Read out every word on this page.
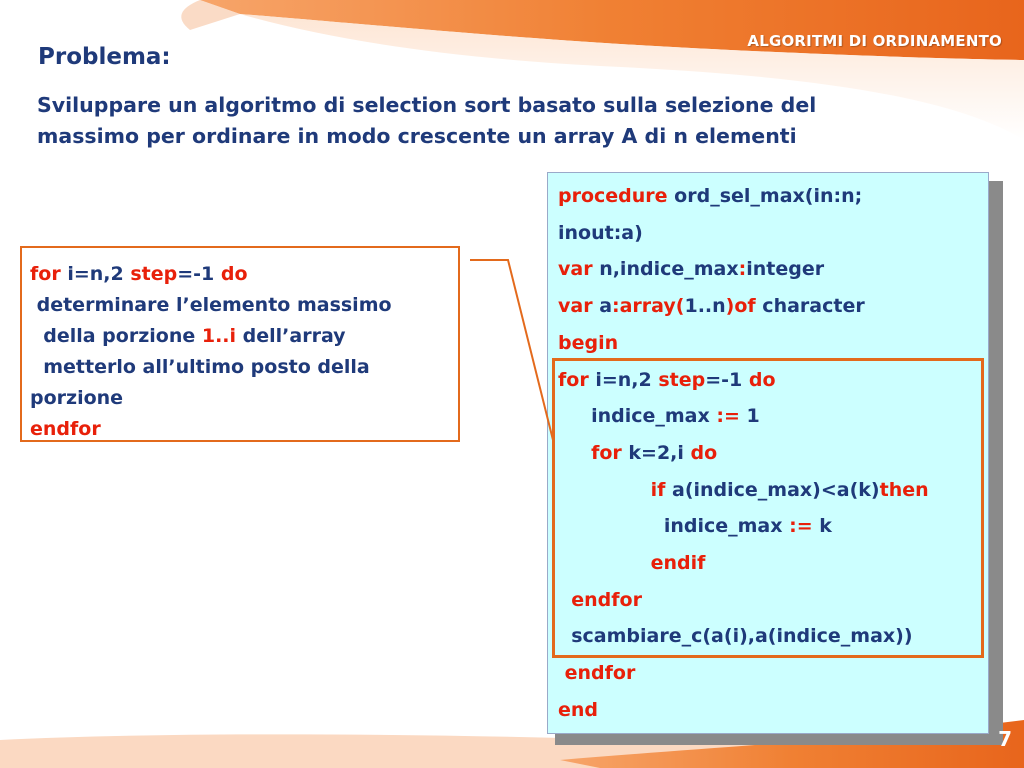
ALGORITMI DI ORDINAMENTO
Problema:
Sviluppare un algoritmo di selection sort basato sulla selezione del
massimo per ordinare in modo crescente un array A di n elementi
for i=n,2 step=-1 do
determinare l’elemento massimo
della porzione 1..i dell’array
metterlo all’ultimo posto della
porzione
endfor
procedure ord_sel_max(in:n;
inout:a)
var n,indice_max:integer
var a:array(1..n)of character
begin
for i=n,2 step=-1 do
indice_max := 1
for k=2,i do
if a(indice_max)<a(k)then
indice_max := k
endif
endfor
scambiare_c(a(i),a(indice_max))
endfor
end
7
